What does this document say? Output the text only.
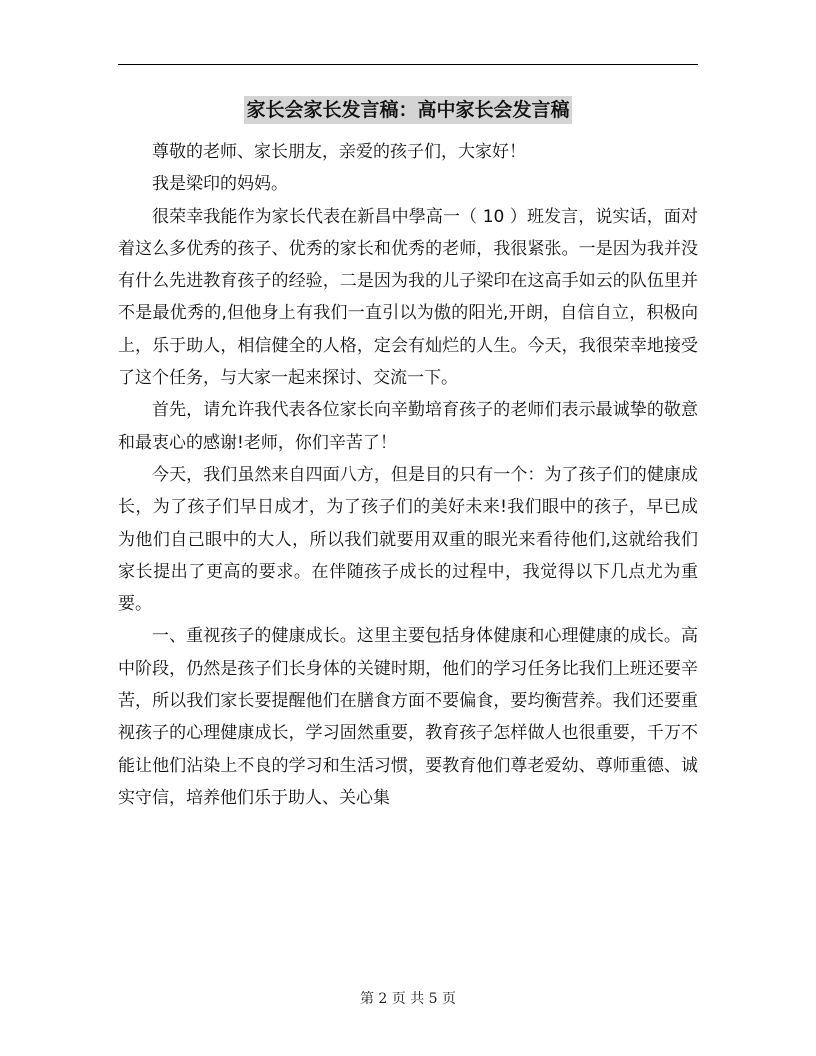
家长会家长发言稿：高中家长会发言稿

尊敬的老师、家长朋友，亲爱的孩子们，大家好！

我是梁印的妈妈。

很荣幸我能作为家长代表在新昌中學高一（ 10 ）班发言，说实话，面对着这么多优秀的孩子、优秀的家长和优秀的老师，我很紧张。一是因为我并没有什么先进教育孩子的经验，二是因为我的儿子梁印在这高手如云的队伍里并不是最优秀的,但他身上有我们一直引以为傲的阳光,开朗，自信自立，积极向上，乐于助人，相信健全的人格，定会有灿烂的人生。今天，我很荣幸地接受了这个任务，与大家一起来探讨、交流一下。

首先，请允许我代表各位家长向辛勤培育孩子的老师们表示最诚挚的敬意和最衷心的感谢!老师，你们辛苦了！

今天，我们虽然来自四面八方，但是目的只有一个：为了孩子们的健康成长，为了孩子们早日成才，为了孩子们的美好未来!我们眼中的孩子，早已成为他们自己眼中的大人，所以我们就要用双重的眼光来看待他们,这就给我们家长提出了更高的要求。在伴随孩子成长的过程中，我觉得以下几点尤为重要。

一、重视孩子的健康成长。这里主要包括身体健康和心理健康的成长。高中阶段，仍然是孩子们长身体的关键时期，他们的学习任务比我们上班还要辛苦，所以我们家长要提醒他们在膳食方面不要偏食，要均衡营养。我们还要重视孩子的心理健康成长，学习固然重要，教育孩子怎样做人也很重要，千万不能让他们沾染上不良的学习和生活习惯，要教育他们尊老爱幼、尊师重德、诚实守信，培养他们乐于助人、关心集

第 2 页 共 5 页
